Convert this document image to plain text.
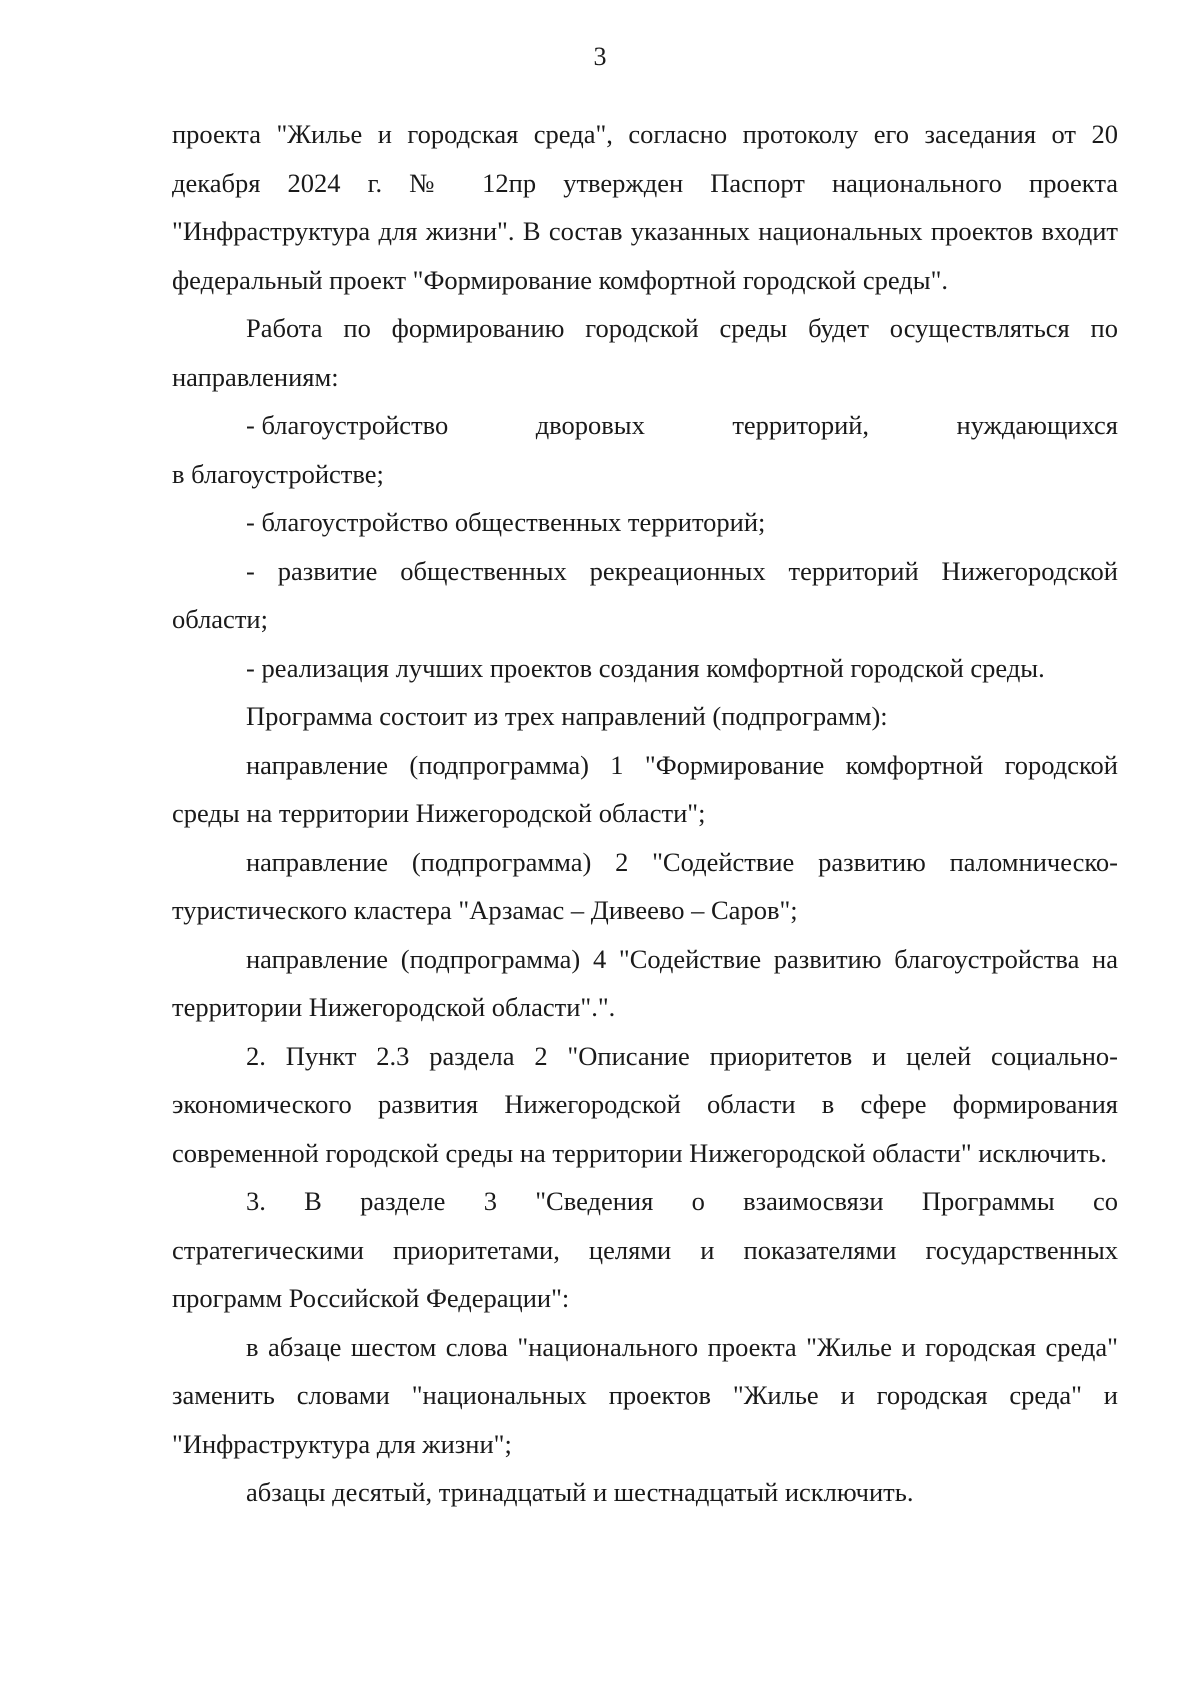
3

проекта "Жилье и городская среда", согласно протоколу его заседания от 20 декабря 2024 г. № 12пр утвержден Паспорт национального проекта "Инфраструктура для жизни". В состав указанных национальных проектов входит федеральный проект "Формирование комфортной городской среды".

Работа по формированию городской среды будет осуществляться по направлениям:

- благоустройство	дворовых	территорий,	нуждающихся

в благоустройстве;

- благоустройство общественных территорий;

- развитие общественных рекреационных территорий Нижегородской области;

- реализация лучших проектов создания комфортной городской среды.

Программа состоит из трех направлений (подпрограмм):

направление (подпрограмма) 1 "Формирование комфортной городской среды на территории Нижегородской области";

направление (подпрограмма) 2 "Содействие развитию паломническо-туристического кластера "Арзамас – Дивеево – Саров";

направление (подпрограмма) 4 "Содействие развитию благоустройства на территории Нижегородской области".".

2. Пункт 2.3 раздела 2 "Описание приоритетов и целей социально-экономического развития Нижегородской области в сфере формирования современной городской среды на территории Нижегородской области" исключить.

3. В разделе 3 "Сведения о взаимосвязи Программы со

стратегическими приоритетами, целями и показателями государственных программ Российской Федерации":

в абзаце шестом слова "национального проекта "Жилье и городская среда" заменить словами "национальных проектов "Жилье и городская среда" и "Инфраструктура для жизни";

абзацы десятый, тринадцатый и шестнадцатый исключить.
